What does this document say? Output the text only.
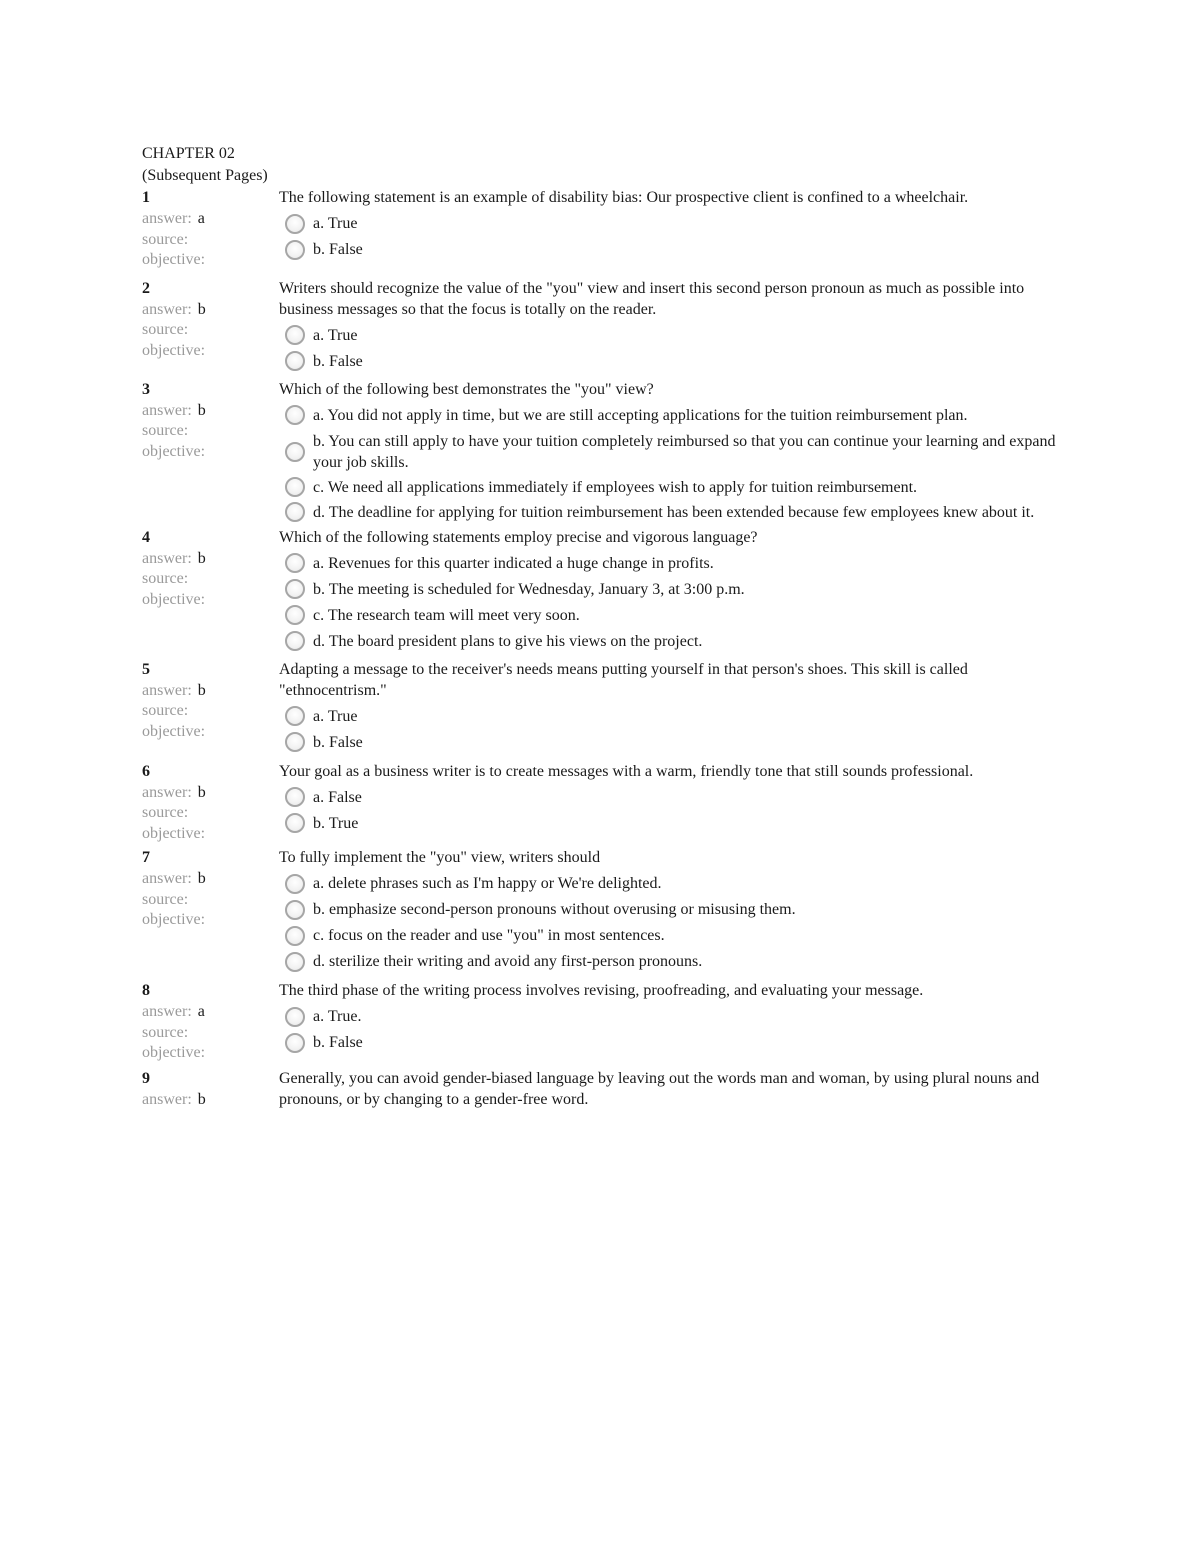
CHAPTER 02
(Subsequent Pages)
1
answer: a
source:
objective:
The following statement is an example of disability bias: Our prospective client is confined to a wheelchair.
a. True
b. False
2
answer: b
source:
objective:
Writers should recognize the value of the "you" view and insert this second person pronoun as much as possible into business messages so that the focus is totally on the reader.
a. True
b. False
3
answer: b
source:
objective:
Which of the following best demonstrates the "you" view?
a. You did not apply in time, but we are still accepting applications for the tuition reimbursement plan.
b. You can still apply to have your tuition completely reimbursed so that you can continue your learning and expand your job skills.
c. We need all applications immediately if employees wish to apply for tuition reimbursement.
d. The deadline for applying for tuition reimbursement has been extended because few employees knew about it.
4
answer: b
source:
objective:
Which of the following statements employ precise and vigorous language?
a. Revenues for this quarter indicated a huge change in profits.
b. The meeting is scheduled for Wednesday, January 3, at 3:00 p.m.
c. The research team will meet very soon.
d. The board president plans to give his views on the project.
5
answer: b
source:
objective:
Adapting a message to the receiver's needs means putting yourself in that person's shoes. This skill is called "ethnocentrism."
a. True
b. False
6
answer: b
source:
objective:
Your goal as a business writer is to create messages with a warm, friendly tone that still sounds professional.
a. False
b. True
7
answer: b
source:
objective:
To fully implement the "you" view, writers should
a. delete phrases such as I'm happy or We're delighted.
b. emphasize second-person pronouns without overusing or misusing them.
c. focus on the reader and use "you" in most sentences.
d. sterilize their writing and avoid any first-person pronouns.
8
answer: a
source:
objective:
The third phase of the writing process involves revising, proofreading, and evaluating your message.
a. True.
b. False
9
answer: b
Generally, you can avoid gender-biased language by leaving out the words man and woman, by using plural nouns and pronouns, or by changing to a gender-free word.
